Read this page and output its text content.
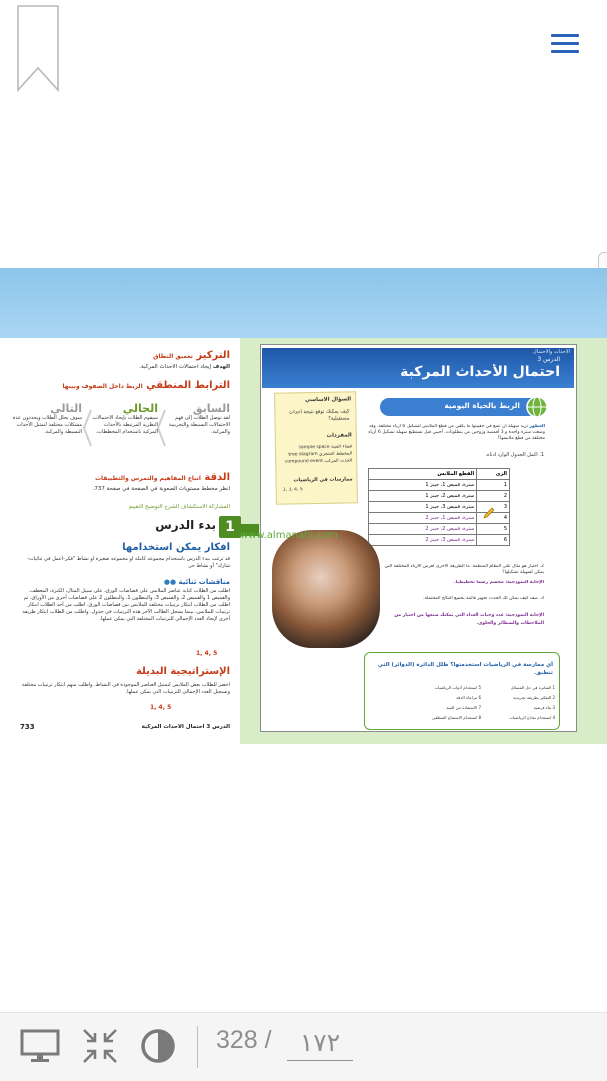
التركيز تعميق النطاق
الهدف إيجاد احتمالات الأحداث المركبة.
الترابط المنطقي الربط داخل الصفوف وبينها
السابق
لقد توصل الطلاب إلى فهم الاحتمالات البسيطة والتجريبية والمركبة.
الحالي
سيقوم الطلاب بإيجاد الاحتمالات النظرية المرتبطة بالأحداث المركبة باستخدام المخططات.
التالي
سوف يحلل الطلاب ويحددون عدة مشكلات مختلفة لتمثيل الأحداث البسيطة والمركبة.
الدقة اتباع المفاهيم والتمرس والتطبيقات
انظر مخطط مستويات الصعوبة في الصفحة في صفحة 737.
المشاركة الاستكشاف الشرح التوضيح التقييم
1
بدء الدرس
أفكار يمكن استخدامها
قد ترغب ببدء الدرس باستخدام مجموعة كاملة أو مجموعة صغيرة أو نشاط "فكّر-اعمل في ثنائيات-شارك" أو نشاط حر.
مناقشات ثنائية ●●
اطلب من الطلاب كتابة عناصر الملابس على قصاصات الورق، على سبيل المثال، الكنزة، المعطف، والقميص 1 والقميص 2، والقميص 3، والبنطلون 1، والبنطلون 2 على قصاصات أخرى من الأوراق. ثم اطلب من الطلاب ابتكار ترتيبات مختلفة للملابس بين قصاصات الورق. اطلب من أحد الطلاب ابتكار ترتيبات للملابس، بينما يسجل الطالب الآخر هذه الترتيبات في جدول. واطلب من الطلاب ابتكار طريقة أخرى لإيجاد العدد الإجمالي للترتيبات المختلفة التي يمكن عملها.
1, 4, 5
الإستراتيجية البديلة
أحضر للطلاب بعض الملابس لتمثيل العناصر الموجودة في النشاط. واطلب منهم ابتكار ترتيبات مختلفة وتسجيل العدد الإجمالي للترتيبات التي يمكن عملها.
1, 4, 5
الدرس 3 احتمال الأحداث المركبة
733
الأحداث والاحتمال
الدرس 3
احتمال الأحداث المركبة
السؤال الأساسي
كيف يمكنك توقع نتيجة أحداث مستقبلية؟
المفردات
فضاء العينة sample space
المخطط الشجري tree diagram
الحدث المركب compound event
ممارسات في الرياضيات
1, 3, 4, 5
الربط بالحياة اليومية
العطور تريد سهيلة أن تضع في حقيبتها ما يكفي من قطع الملابس لتشكيل 6 أزياء مختلفة. وقد وضعت سترة واحدة و 3 أقمصة وزوجين من بنطلونات. أجيبي قيل تستطيع سهيلة تشكيل 6 أزياء مختلفة من قطع ملابسها؟
1. أكمل الجدول الوارد أدناه.
الزي	القطع الملابس
1	سترة، قميص 1، جينز 1
2	سترة، قميص 2، جينز 1
3	سترة، قميص 3، جينز 1
4	سترة، قميص 1، جينز 2
5	سترة، قميص 2، جينز 2
6	سترة، قميص 3، جينز 2
www.almanahj.com
2. اختيار هو مثال على النظام المنظمة. ما الطريقة الأخرى لعرض الأزياء المختلفة التي يمكن لسهيلة تشكيلها؟
الإجابة النموذجية: مجسم رسما تخطيطيا.
3. صف كيف يمكن لك الحدث تجهيز قائمة بجميع النتائج المحتملة.
الإجابة النموذجية: عدد وجبات الغداء التي يمكنك صنعها من اختيار من الملاحظات والشطائر والحلوى.
أي ممارسة في الرياضيات استخدمتها؟ ظلل الدائرة (الدوائر) التي تنطبق.
1 المثابرة في حل المسائل
2 التفكير بطريقة تجريدية
3 بناء فرضية
4 استخدام نماذج الرياضيات
5 استخدام أدوات الرياضيات
6 مراعاة الدقة
7 الاستفادة من البنية
8 استخدام الاستنتاج المنطقي
328 /
١٧٢
